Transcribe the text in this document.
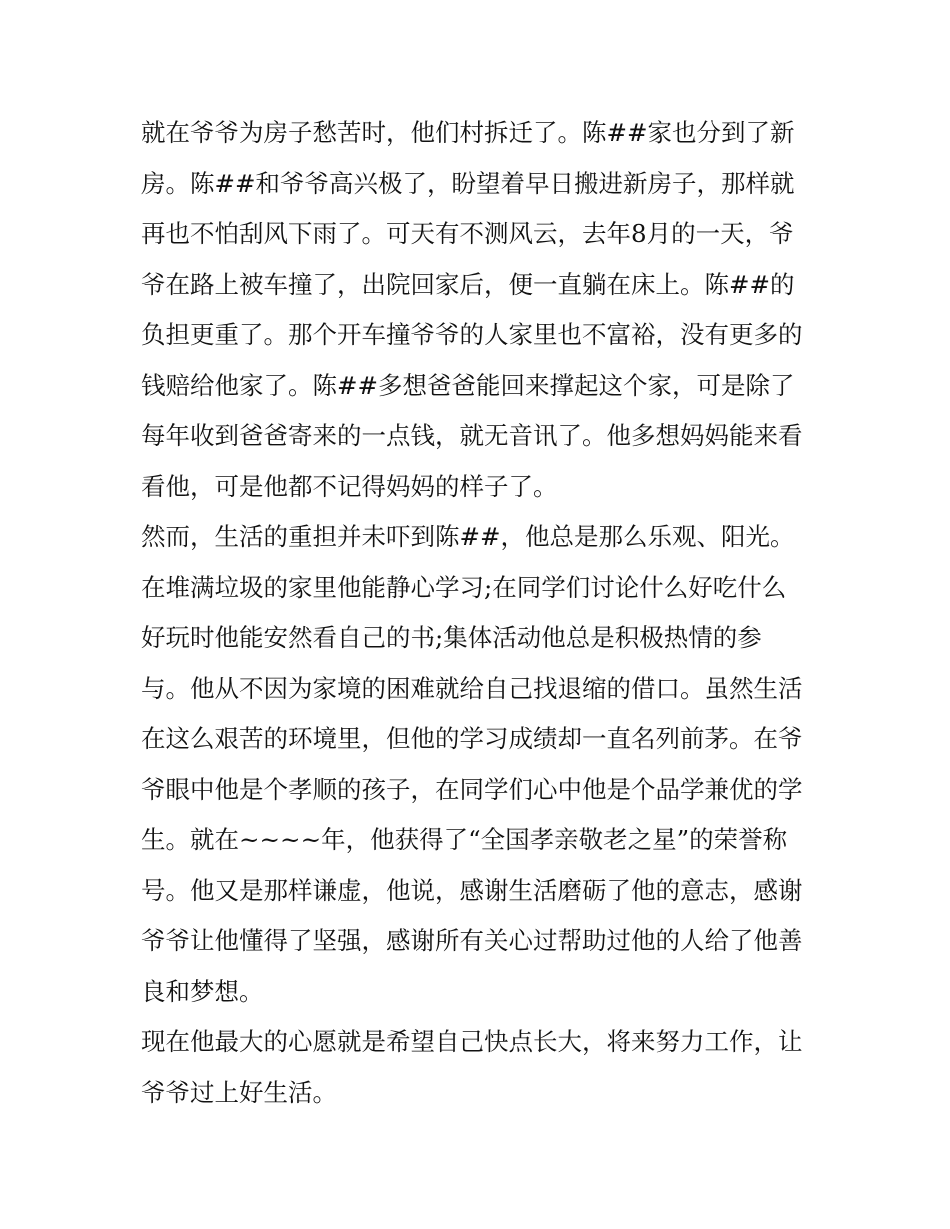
就在爷爷为房子愁苦时，他们村拆迁了。陈##家也分到了新
房。陈##和爷爷高兴极了，盼望着早日搬进新房子，那样就
再也不怕刮风下雨了。可天有不测风云，去年8月的一天，爷
爷在路上被车撞了，出院回家后，便一直躺在床上。陈##的
负担更重了。那个开车撞爷爷的人家里也不富裕，没有更多的
钱赔给他家了。陈##多想爸爸能回来撑起这个家，可是除了
每年收到爸爸寄来的一点钱，就无音讯了。他多想妈妈能来看
看他，可是他都不记得妈妈的样子了。
然而，生活的重担并未吓到陈##，他总是那么乐观、阳光。
在堆满垃圾的家里他能静心学习;在同学们讨论什么好吃什么
好玩时他能安然看自己的书;集体活动他总是积极热情的参
与。他从不因为家境的困难就给自己找退缩的借口。虽然生活
在这么艰苦的环境里，但他的学习成绩却一直名列前茅。在爷
爷眼中他是个孝顺的孩子，在同学们心中他是个品学兼优的学
生。就在~~~~年，他获得了“全国孝亲敬老之星”的荣誉称
号。他又是那样谦虚，他说，感谢生活磨砺了他的意志，感谢
爷爷让他懂得了坚强，感谢所有关心过帮助过他的人给了他善
良和梦想。
现在他最大的心愿就是希望自己快点长大，将来努力工作，让
爷爷过上好生活。
